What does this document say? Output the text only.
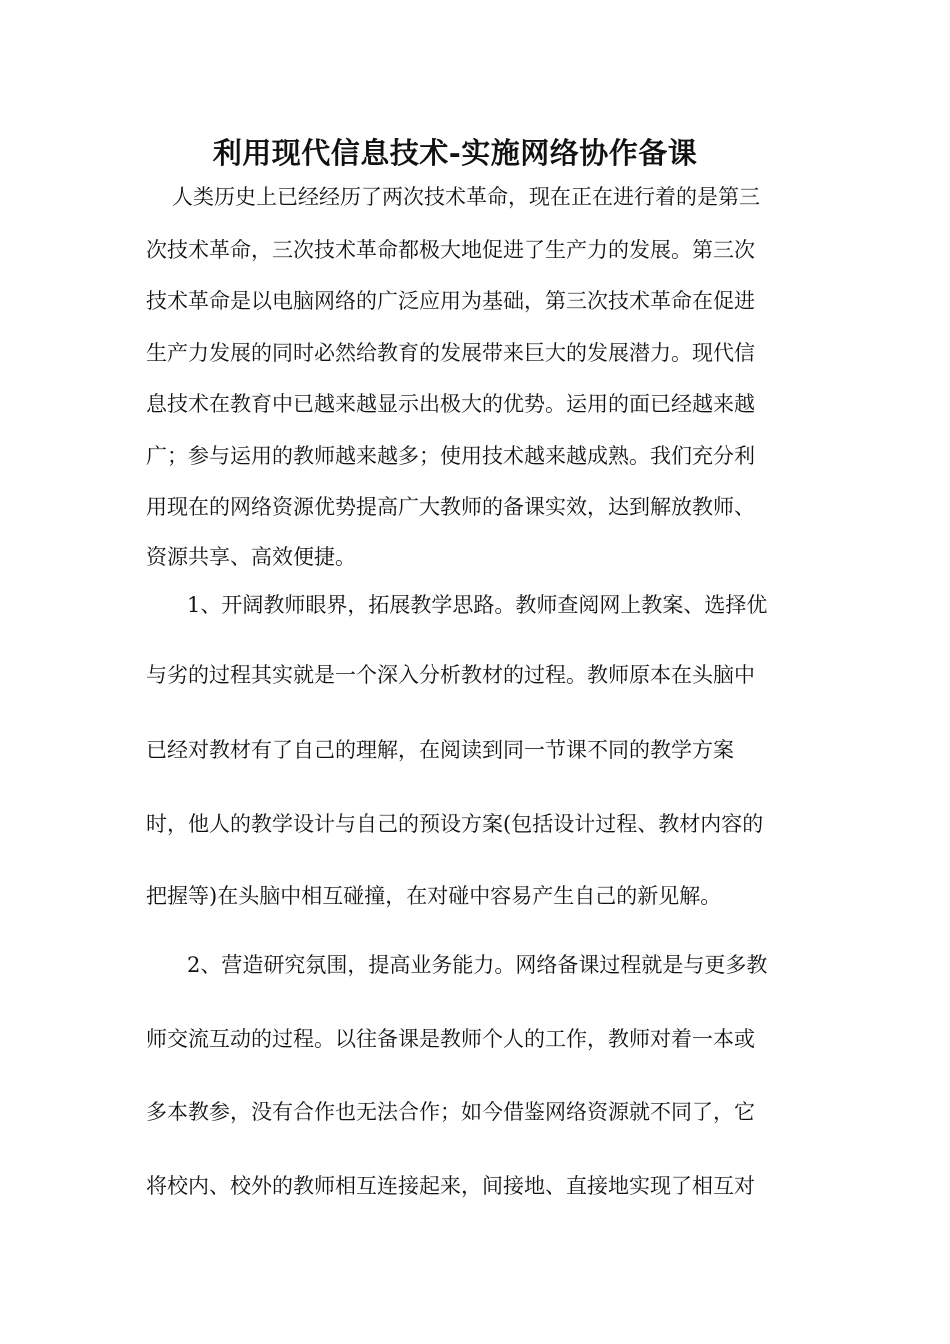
利用现代信息技术-实施网络协作备课
人类历史上已经经历了两次技术革命，现在正在进行着的是第三
次技术革命，三次技术革命都极大地促进了生产力的发展。第三次
技术革命是以电脑网络的广泛应用为基础，第三次技术革命在促进
生产力发展的同时必然给教育的发展带来巨大的发展潜力。现代信
息技术在教育中已越来越显示出极大的优势。运用的面已经越来越
广；参与运用的教师越来越多；使用技术越来越成熟。我们充分利
用现在的网络资源优势提高广大教师的备课实效，达到解放教师、
资源共享、高效便捷。
1、开阔教师眼界，拓展教学思路。教师查阅网上教案、选择优
与劣的过程其实就是一个深入分析教材的过程。教师原本在头脑中
已经对教材有了自己的理解，在阅读到同一节课不同的教学方案
时，他人的教学设计与自己的预设方案(包括设计过程、教材内容的
把握等)在头脑中相互碰撞，在对碰中容易产生自己的新见解。
2、营造研究氛围，提高业务能力。网络备课过程就是与更多教
师交流互动的过程。以往备课是教师个人的工作，教师对着一本或
多本教参，没有合作也无法合作；如今借鉴网络资源就不同了，它
将校内、校外的教师相互连接起来，间接地、直接地实现了相互对
